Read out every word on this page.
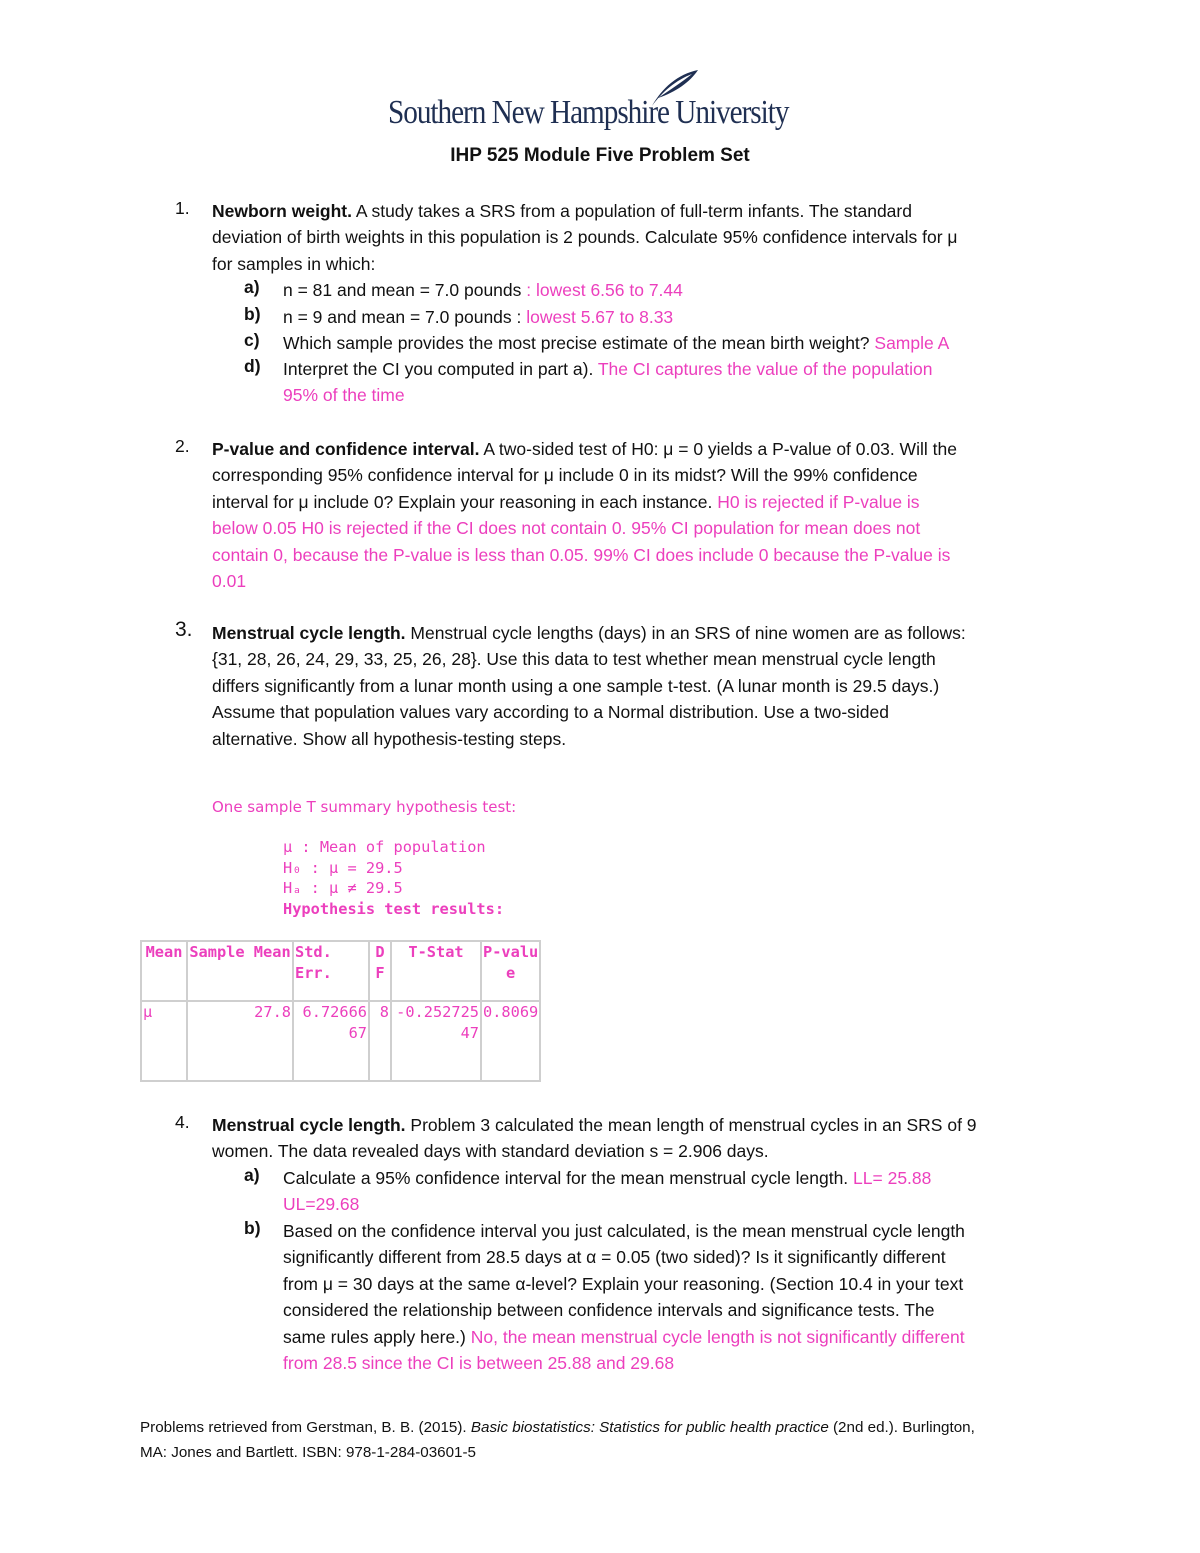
Southern New Hampshire University
IHP 525 Module Five Problem Set
1. Newborn weight. A study takes a SRS from a population of full-term infants. The standard
deviation of birth weights in this population is 2 pounds. Calculate 95% confidence intervals for μ
for samples in which:
a) n = 81 and mean = 7.0 pounds : lowest 6.56 to 7.44
b) n = 9 and mean = 7.0 pounds : lowest 5.67 to 8.33
c) Which sample provides the most precise estimate of the mean birth weight? Sample A
d) Interpret the CI you computed in part a). The CI captures the value of the population
95% of the time
2. P-value and confidence interval. A two-sided test of H0: μ = 0 yields a P-value of 0.03. Will the
corresponding 95% confidence interval for μ include 0 in its midst? Will the 99% confidence
interval for μ include 0? Explain your reasoning in each instance. H0 is rejected if P-value is
below 0.05 H0 is rejected if the CI does not contain 0. 95% CI population for mean does not
contain 0, because the P-value is less than 0.05. 99% CI does include 0 because the P-value is
0.01
3. Menstrual cycle length. Menstrual cycle lengths (days) in an SRS of nine women are as follows:
{31, 28, 26, 24, 29, 33, 25, 26, 28}. Use this data to test whether mean menstrual cycle length
differs significantly from a lunar month using a one sample t-test. (A lunar month is 29.5 days.)
Assume that population values vary according to a Normal distribution. Use a two-sided
alternative. Show all hypothesis-testing steps.
One sample T summary hypothesis test:
μ : Mean of population
H₀ : μ = 29.5
Hₐ : μ ≠ 29.5
Hypothesis test results:
Mean	Sample Mean	Std. Err.	DF	T-Stat	P-value
μ	27.8	6.7266667	8	-0.25272547	0.8069
4. Menstrual cycle length. Problem 3 calculated the mean length of menstrual cycles in an SRS of 9
women. The data revealed days with standard deviation s = 2.906 days.
a) Calculate a 95% confidence interval for the mean menstrual cycle length. LL= 25.88
UL=29.68
b) Based on the confidence interval you just calculated, is the mean menstrual cycle length
significantly different from 28.5 days at α = 0.05 (two sided)? Is it significantly different
from μ = 30 days at the same α-level? Explain your reasoning. (Section 10.4 in your text
considered the relationship between confidence intervals and significance tests. The
same rules apply here.) No, the mean menstrual cycle length is not significantly different
from 28.5 since the CI is between 25.88 and 29.68
Problems retrieved from Gerstman, B. B. (2015). Basic biostatistics: Statistics for public health practice (2nd ed.). Burlington,
MA: Jones and Bartlett. ISBN: 978-1-284-03601-5
